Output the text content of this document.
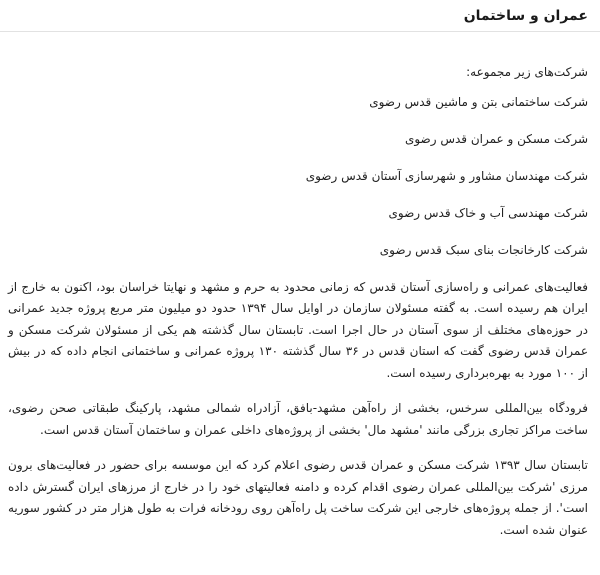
عمران و ساختمان

شرکت‌های زیر مجموعه:

شرکت ساختمانی بتن و ماشین قدس رضوی
شرکت مسکن و عمران قدس رضوی
شرکت مهندسان مشاور و شهرسازی آستان قدس رضوی
شرکت مهندسی آب و خاک قدس رضوی
شرکت کارخانجات بنای سبک قدس رضوی

فعالیت‌های عمرانی و راه‌سازی آستان قدس که زمانی محدود به حرم و مشهد و نهایتا خراسان بود، اکنون به خارج از ایران هم رسیده است. به گفته مسئولان سازمان در اوایل سال ۱۳۹۴ حدود دو میلیون متر مربع پروژه جدید عمرانی در حوزه‌های مختلف از سوی آستان در حال اجرا است. تابستان سال گذشته هم یکی از مسئولان شرکت مسکن و عمران قدس رضوی گفت که استان قدس در ۳۶ سال گذشته ۱۳۰ پروژه عمرانی و ساختمانی انجام داده که در بیش از ۱۰۰ مورد به بهره‌برداری رسیده است.

فرودگاه بین‌المللی سرخس، بخشی از راه‌آهن مشهد-بافق، آزادراه شمالی مشهد، پارکینگ طبقاتی صحن رضوی، ساخت مراکز تجاری بزرگی مانند 'مشهد مال' بخشی از پروژه‌های داخلی عمران و ساختمان آستان قدس است.

تابستان سال ۱۳۹۳ شرکت مسکن و عمران قدس رضوی اعلام کرد که این موسسه برای حضور در فعالیت‌های برون مرزی 'شرکت بین‌المللی عمران رضوی اقدام کرده و دامنه فعالیتهای خود را در خارج از مرزهای ایران گسترش داده است'. از جمله پروژه‌های خارجی این شرکت ساخت پل راه‌آهن روی رودخانه فرات به طول هزار متر در کشور سوریه عنوان شده است.
